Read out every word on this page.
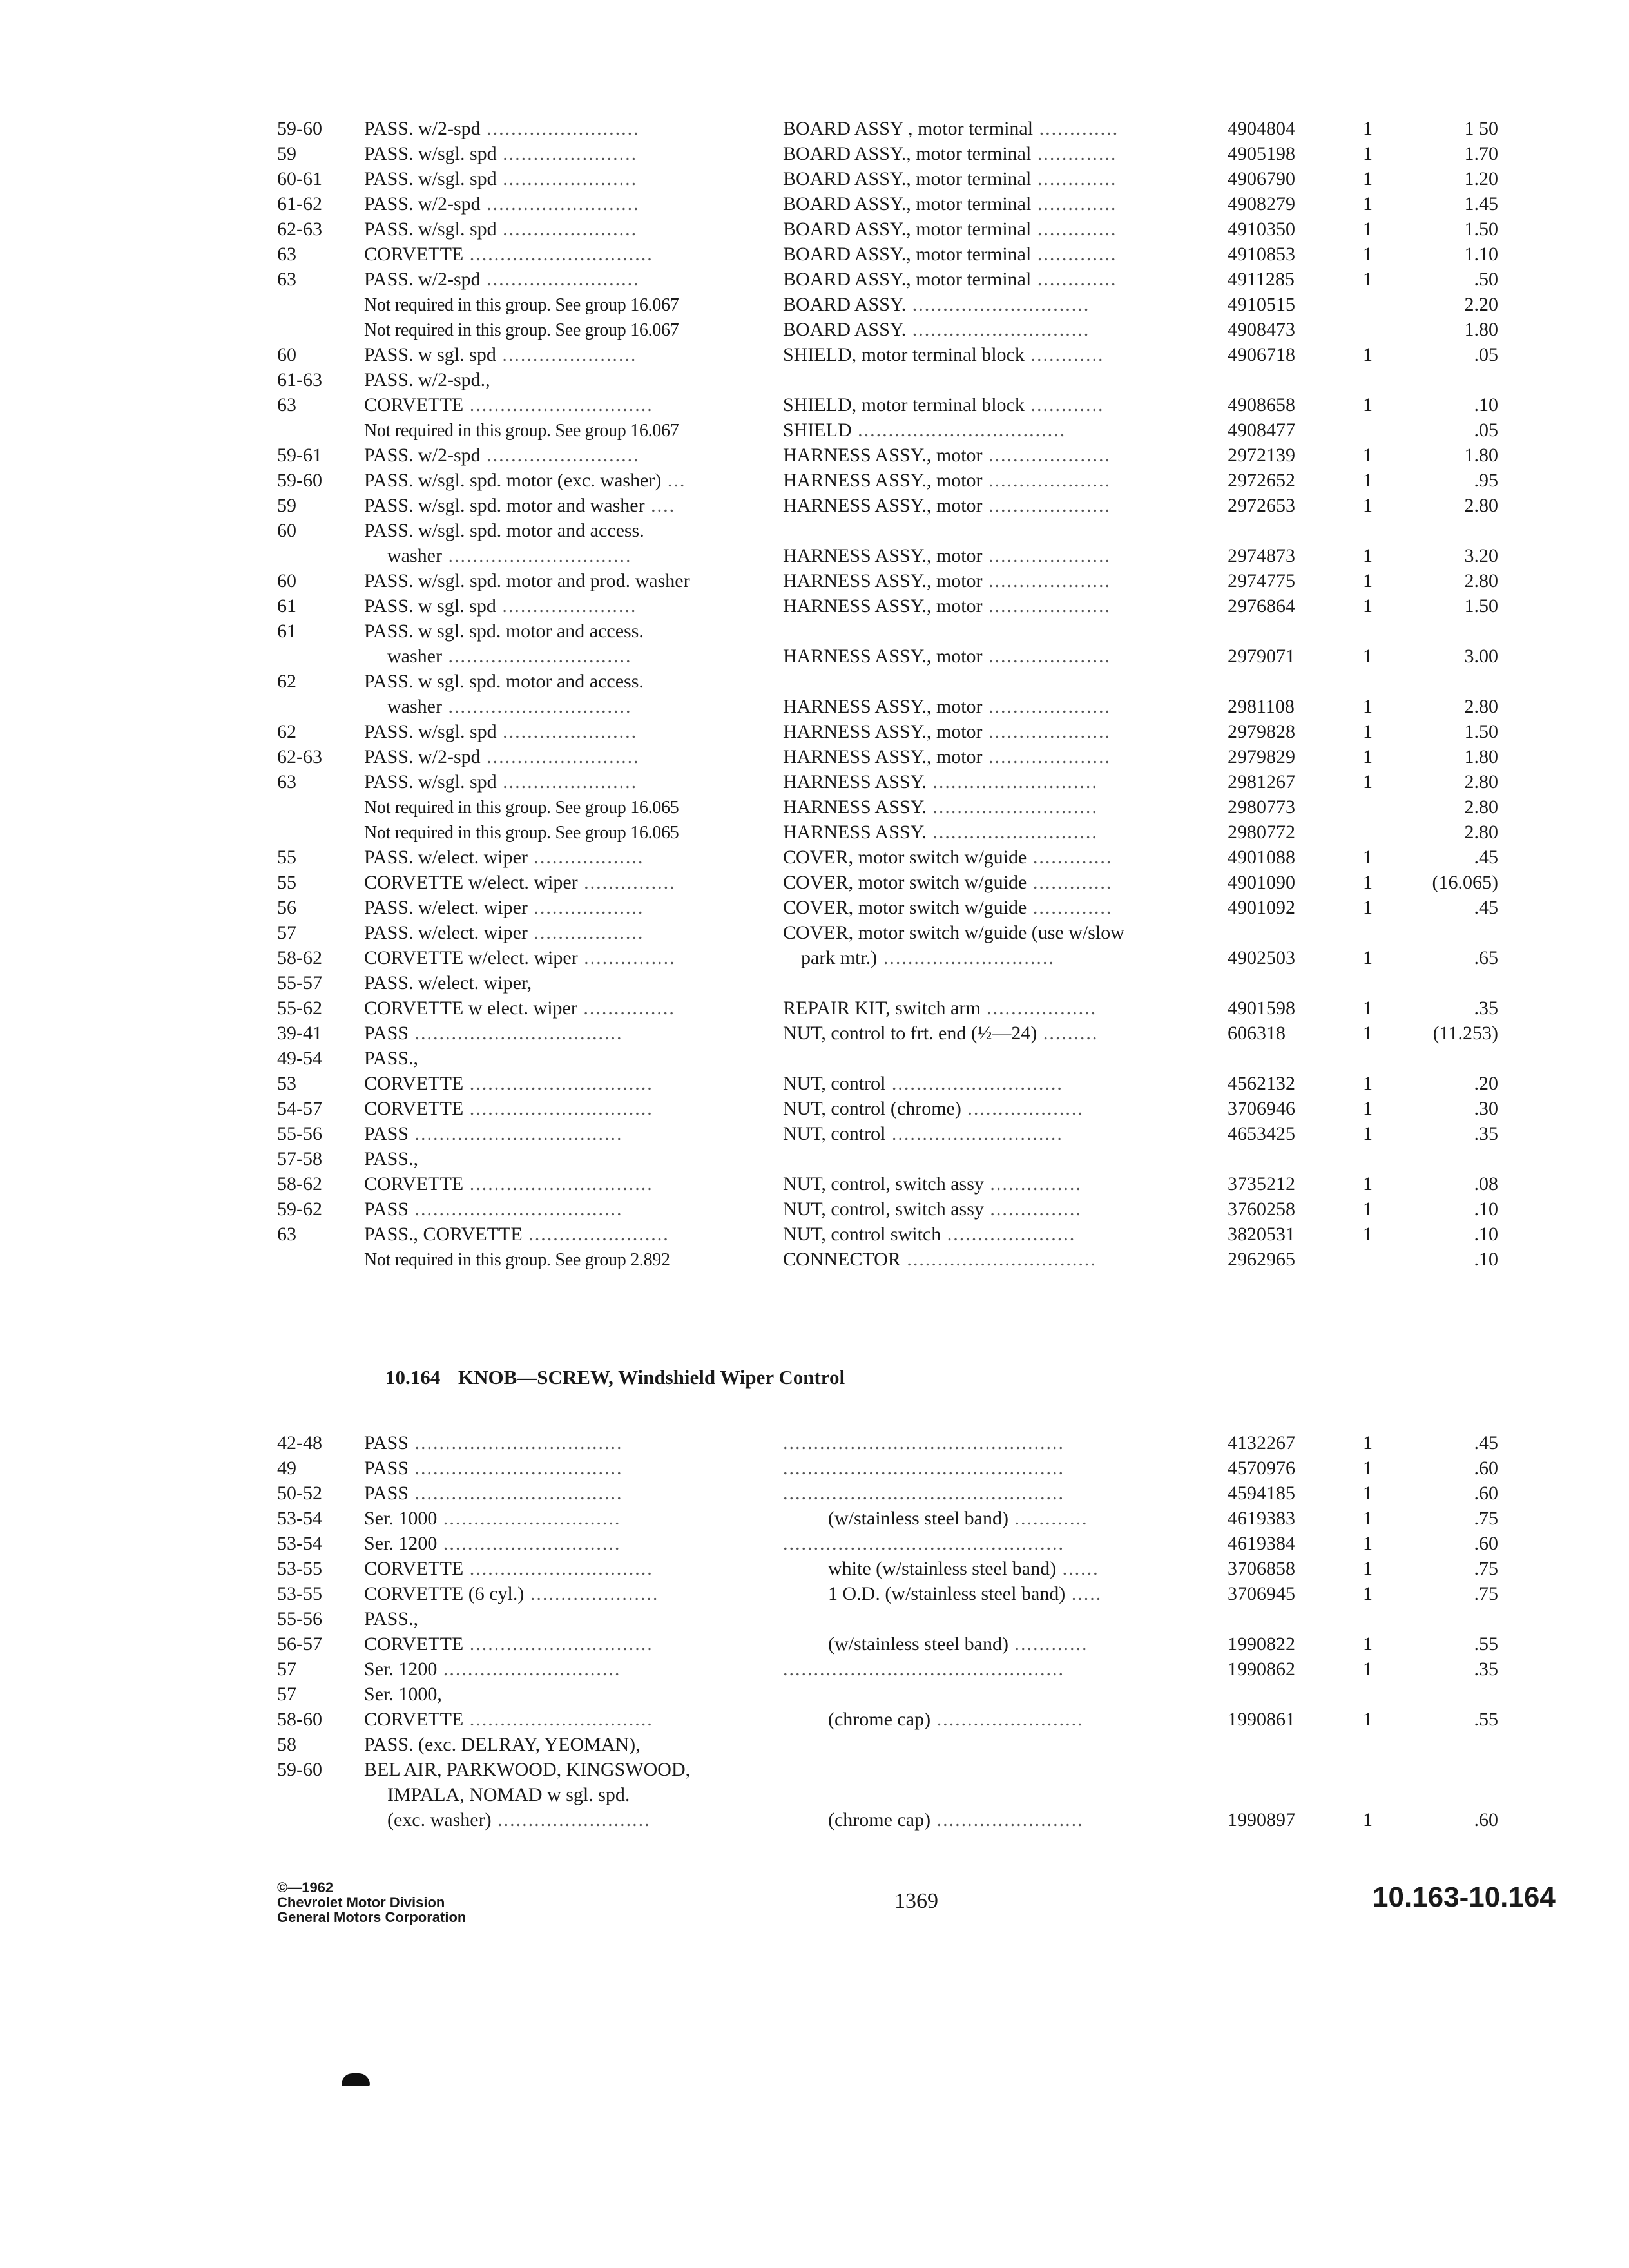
59-60	PASS. w/2-spd .........................	BOARD ASSY , motor terminal .............	4904804	1	1 50
59	PASS. w/sgl. spd ......................	BOARD ASSY., motor terminal .............	4905198	1	1.70
60-61	PASS. w/sgl. spd ......................	BOARD ASSY., motor terminal .............	4906790	1	1.20
61-62	PASS. w/2-spd .........................	BOARD ASSY., motor terminal .............	4908279	1	1.45
62-63	PASS. w/sgl. spd ......................	BOARD ASSY., motor terminal .............	4910350	1	1.50
63	CORVETTE ..............................	BOARD ASSY., motor terminal .............	4910853	1	1.10
63	PASS. w/2-spd .........................	BOARD ASSY., motor terminal .............	4911285	1	.50
Not required in this group. See group 16.067	BOARD ASSY. .............................	4910515	2.20
Not required in this group. See group 16.067	BOARD ASSY. .............................	4908473	1.80
60	PASS. w sgl. spd ......................	SHIELD, motor terminal block ............	4906718	1	.05
61-63	PASS. w/2-spd.,
63	CORVETTE ..............................	SHIELD, motor terminal block ............	4908658	1	.10
Not required in this group. See group 16.067	SHIELD ..................................	4908477	.05
59-61	PASS. w/2-spd .........................	HARNESS ASSY., motor ....................	2972139	1	1.80
59-60	PASS. w/sgl. spd. motor (exc. washer) ...	HARNESS ASSY., motor ....................	2972652	1	.95
59	PASS. w/sgl. spd. motor and washer ....	HARNESS ASSY., motor ....................	2972653	1	2.80
60	PASS. w/sgl. spd. motor and access.
washer ..............................	HARNESS ASSY., motor ....................	2974873	1	3.20
60	PASS. w/sgl. spd. motor and prod. washer	HARNESS ASSY., motor ....................	2974775	1	2.80
61	PASS. w sgl. spd ......................	HARNESS ASSY., motor ....................	2976864	1	1.50
61	PASS. w sgl. spd. motor and access.
washer ..............................	HARNESS ASSY., motor ....................	2979071	1	3.00
62	PASS. w sgl. spd. motor and access.
washer ..............................	HARNESS ASSY., motor ....................	2981108	1	2.80
62	PASS. w/sgl. spd ......................	HARNESS ASSY., motor ....................	2979828	1	1.50
62-63	PASS. w/2-spd .........................	HARNESS ASSY., motor ....................	2979829	1	1.80
63	PASS. w/sgl. spd ......................	HARNESS ASSY. ...........................	2981267	1	2.80
Not required in this group. See group 16.065	HARNESS ASSY. ...........................	2980773	2.80
Not required in this group. See group 16.065	HARNESS ASSY. ...........................	2980772	2.80
55	PASS. w/elect. wiper ..................	COVER, motor switch w/guide .............	4901088	1	.45
55	CORVETTE w/elect. wiper ...............	COVER, motor switch w/guide .............	4901090	1	(16.065)
56	PASS. w/elect. wiper ..................	COVER, motor switch w/guide .............	4901092	1	.45
57	PASS. w/elect. wiper ..................	COVER, motor switch w/guide (use w/slow
58-62	CORVETTE w/elect. wiper ...............	park mtr.) ............................	4902503	1	.65
55-57	PASS. w/elect. wiper,
55-62	CORVETTE w elect. wiper ...............	REPAIR KIT, switch arm ..................	4901598	1	.35
39-41	PASS ..................................	NUT, control to frt. end (½—24) .........	606318	1	(11.253)
49-54	PASS.,
53	CORVETTE ..............................	NUT, control ............................	4562132	1	.20
54-57	CORVETTE ..............................	NUT, control (chrome) ...................	3706946	1	.30
55-56	PASS ..................................	NUT, control ............................	4653425	1	.35
57-58	PASS.,
58-62	CORVETTE ..............................	NUT, control, switch assy ...............	3735212	1	.08
59-62	PASS ..................................	NUT, control, switch assy ...............	3760258	1	.10
63	PASS., CORVETTE .......................	NUT, control switch .....................	3820531	1	.10
Not required in this group. See group 2.892	CONNECTOR ...............................	2962965	.10
10.164 KNOB—SCREW, Windshield Wiper Control
42-48	PASS ..................................	..............................................	4132267	1	.45
49	PASS ..................................	..............................................	4570976	1	.60
50-52	PASS ..................................	..............................................	4594185	1	.60
53-54	Ser. 1000 .............................	(w/stainless steel band) ............	4619383	1	.75
53-54	Ser. 1200 .............................	..............................................	4619384	1	.60
53-55	CORVETTE ..............................	white (w/stainless steel band) ......	3706858	1	.75
53-55	CORVETTE (6 cyl.) .....................	1 O.D. (w/stainless steel band) .....	3706945	1	.75
55-56	PASS.,
56-57	CORVETTE ..............................	(w/stainless steel band) ............	1990822	1	.55
57	Ser. 1200 .............................	..............................................	1990862	1	.35
57	Ser. 1000,
58-60	CORVETTE ..............................	(chrome cap) ........................	1990861	1	.55
58	PASS. (exc. DELRAY, YEOMAN),
59-60	BEL AIR, PARKWOOD, KINGSWOOD,
IMPALA, NOMAD w sgl. spd.
(exc. washer) .........................	(chrome cap) ........................	1990897	1	.60
©—1962
Chevrolet Motor Division
General Motors Corporation
1369	10.163-10.164
